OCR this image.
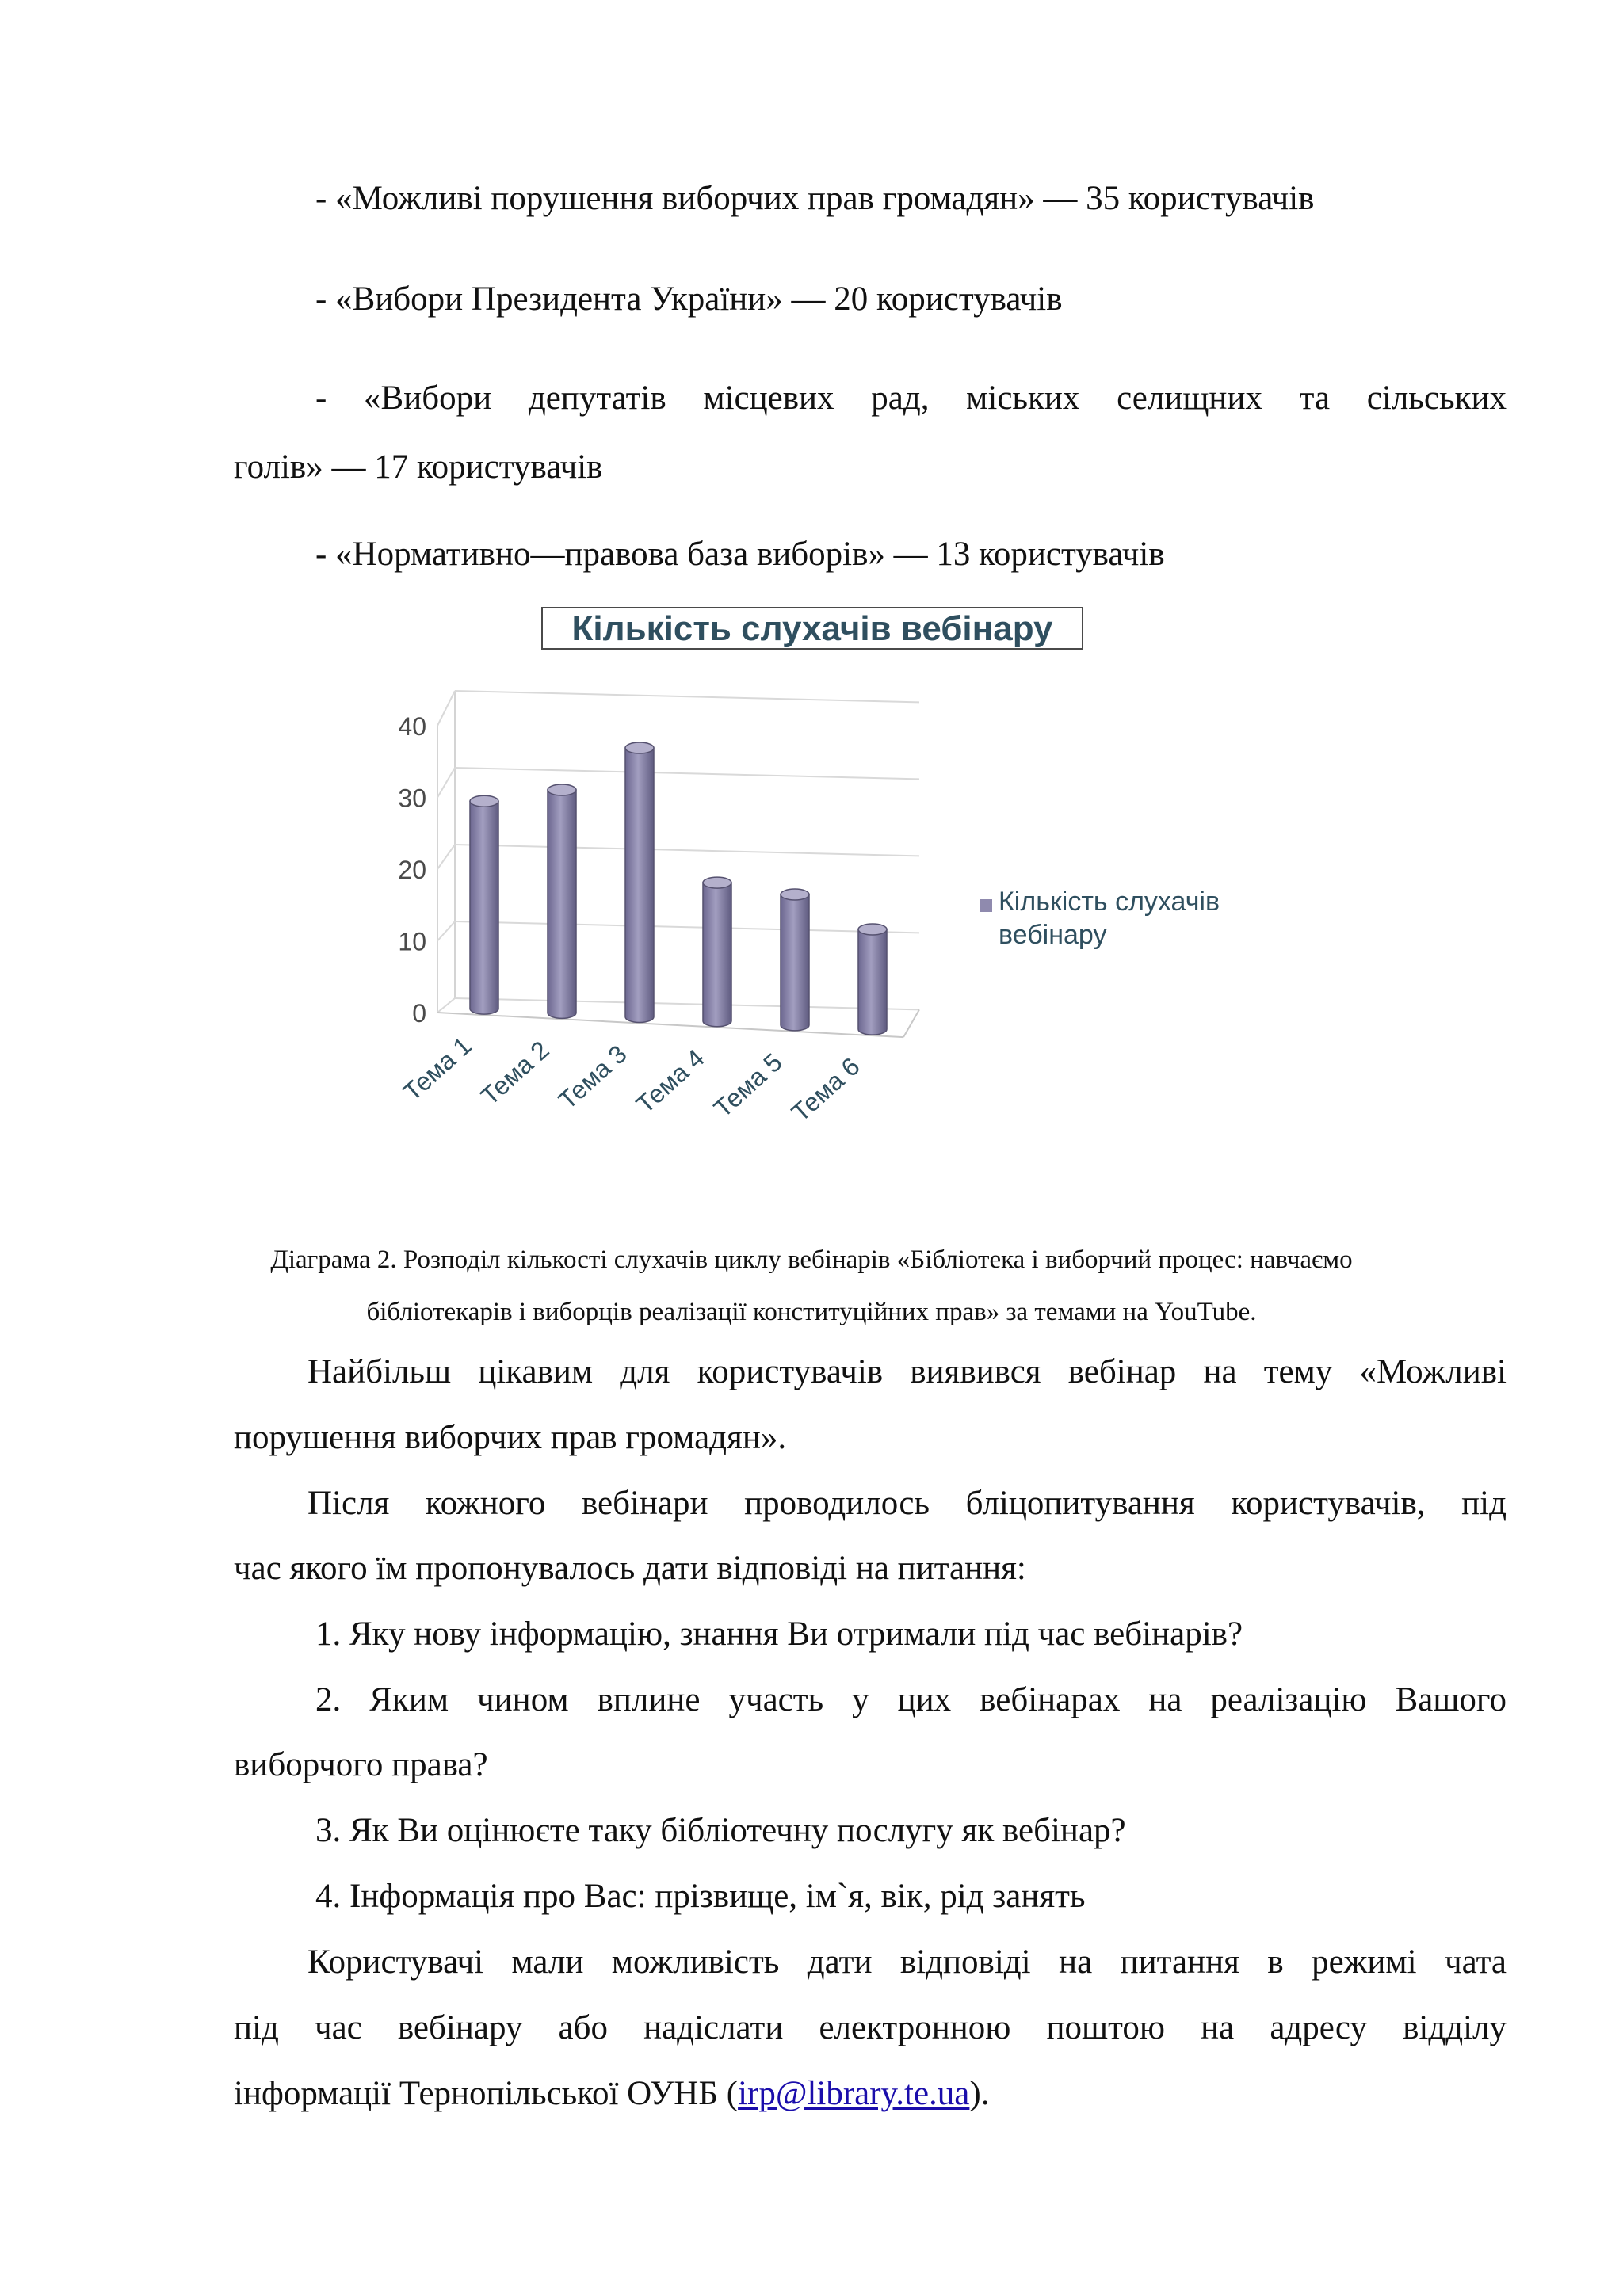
- «Можливі порушення виборчих прав громадян» — 35 користувачів
- «Вибори Президента України» — 20 користувачів
- «Вибори депутатів місцевих рад, міських селищних та сільських
голів» — 17 користувачів
- «Нормативно—правова база виборів» — 13 користувачів
Кількість слухачів вебінару
0
10
20
30
40
Тема 1
Тема 2
Тема 3
Тема 4
Тема 5
Тема 6
Кількість слухачів
вебінару
Діаграма 2. Розподіл кількості слухачів циклу вебінарів «Бібліотека і виборчий процес: навчаємо
бібліотекарів і виборців реалізації конституційних прав» за темами на YouTube.
Найбільш цікавим для користувачів виявився вебінар на тему «Можливі
порушення виборчих прав громадян».
Після кожного вебінари проводилось бліцопитування користувачів, під
час якого їм пропонувалось дати відповіді на питання:
1. Яку нову інформацію, знання Ви отримали під час вебінарів?
2. Яким чином вплине участь у цих вебінарах на реалізацію Вашого
виборчого права?
3. Як Ви оцінюєте таку бібліотечну послугу як вебінар?
4. Інформація про Вас: прізвище, ім`я, вік, рід занять
Користувачі мали можливість дати відповіді на питання в режимі чата
під час вебінару або надіслати електронною поштою на адресу відділу
інформації Тернопільської ОУНБ (irp@library.te.ua).
